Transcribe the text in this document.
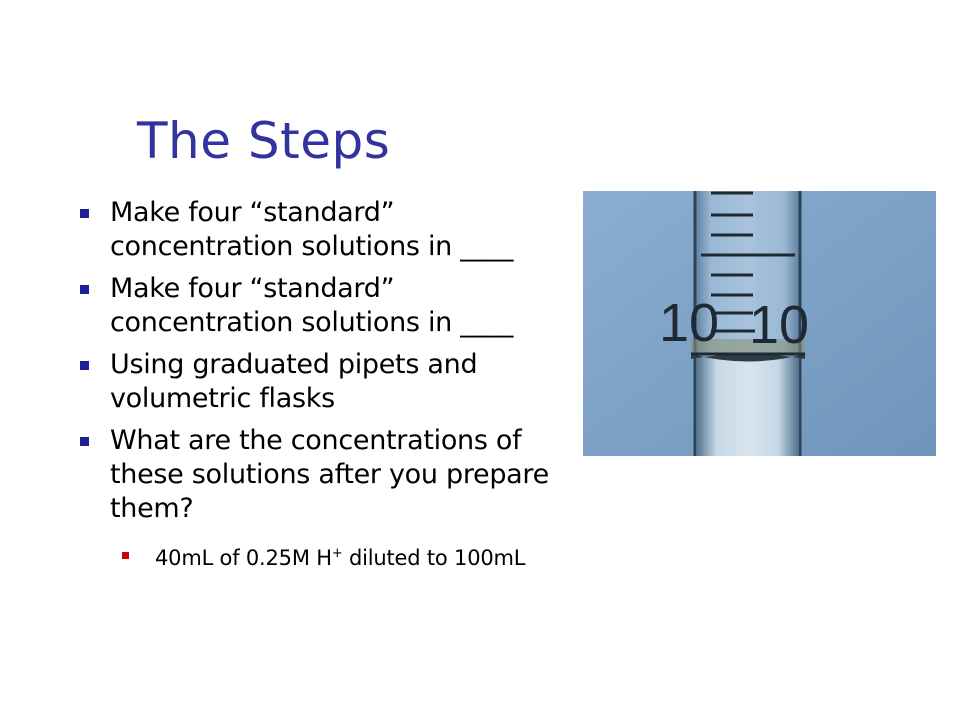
The Steps
Make four “standard” concentration solutions in ____
Make four “standard” concentration solutions in ____
Using graduated pipets and volumetric flasks
What are the concentrations of these solutions after you prepare them?
40mL of 0.25M H+ diluted to 100mL
10 10
